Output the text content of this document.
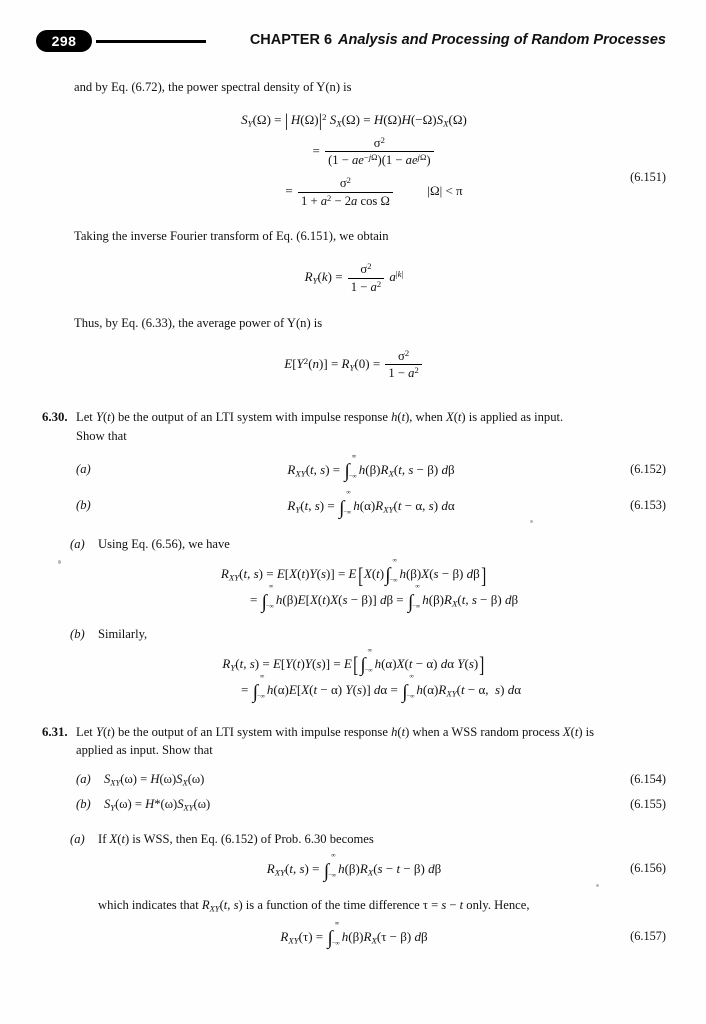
298	CHAPTER 6 Analysis and Processing of Random Processes

and by Eq. (6.72), the power spectral density of Y(n) is

(6.151)
$S_Y(\Omega)$ = |  $H(\Omega)|^2$ $S_X(\Omega) = H(\Omega)H(-\Omega)S_X(\Omega)$
= $\frac{\sigma^2}{(1 - ae^{-j\Omega})(1 - ae^{j\Omega})}$
= $\frac{\sigma^2}{1 + a^2 - 2a \cos \Omega}$	|Ω| < π

Taking the inverse Fourier transform of Eq. (6.151), we obtain

$R_Y(k) = \frac{\sigma^2}{1 - a^2} a^{|k|}$

Thus, by Eq. (6.33), the average power of Y(n) is

$E[Y^2(n)] = R_Y(0) = \frac{\sigma^2}{1 - a^2}$
6.30. Let Y(t) be the output of an LTI system with impulse response h(t), when X(t) is applied as input.
Show that
(a)	$R_{XY}(t$, s) = ∫
∞
−∞ $h(\beta)R_X(t$, s − β) dβ	(6.152)
(b)	$R_Y(t$, s) = ∫
∞
−∞ $h(\alpha)R_{XY}(t - \alpha$, s) dα	(6.153)
(a) Using Eq. (6.56), we have
$R_{XY}(t$, s) = E[X(t)Y(s)] = E[X(t)∫
∞
−∞ h(β)X(s − β) dβ]
= ∫
∞
−∞ h(β)E[X(t)X(s − β)] dβ = ∫
∞
−∞ $h(\beta)R_X(t$, s − β) dβ
(b) Similarly,
$R_Y(t$, s) = E[Y(t)Y(s)] = E[ ∫
∞
−∞ h(α)X(t − α) dα Y(s)]
= ∫
∞
−∞ h(α)E[X(t − α) Y(s)] dα = ∫
∞
−∞ $h(\alpha)R_{XY}(t - \alpha$,  s) dα
6.31. Let Y(t) be the output of an LTI system with impulse response h(t) when a WSS random process X(t) is
applied as input. Show that
(a) $S_{XY}(\omega) = H(\omega)S_X(\omega)$	(6.154)
(b) $S_Y(\omega) = H*(\omega)S_{XY}(\omega)$	(6.155)
(a) If X(t) is WSS, then Eq. (6.152) of Prob. 6.30 becomes
(6.156)
$R_{XY}(t$, s) = ∫
∞
−∞ $h(\beta)R_X(s - t - \beta)$ dβ
which indicates that $R_{XY}(t$, s) is a function of the time difference τ = s − t only. Hence,
(6.157)
$R_{XY}(\tau)$ = ∫
∞
−∞ $h(\beta)R_X(\tau - \beta)$ dβ
